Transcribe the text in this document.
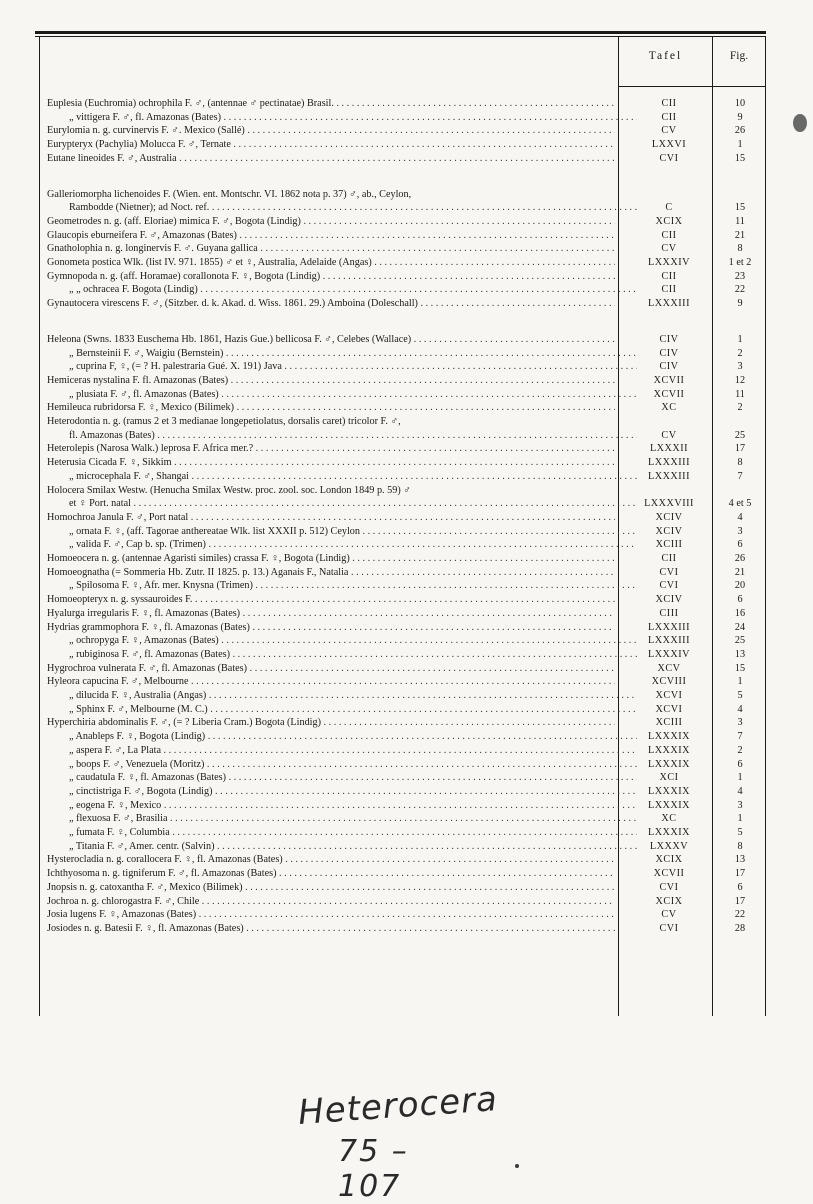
Tafel	Fig.
Euplesia (Euchromia) ochrophila F. ♂, (antennae ♂ pectinatae) Brasil. . . .	CII	10
„ vittigera F. ♂, fl. Amazonas (Bates) . . .	CII	9
Eurylomia n. g. curvinervis F. ♂. Mexico (Sallé) . . .	CV	26
Eurypteryx (Pachylia) Molucca F. ♂, Ternate . . .	LXXVI	1
Eutane lineoides F. ♂, Australia . . .	CVI	15
Galleriomorpha lichenoides F. (Wien. ent. Montschr. VI. 1862 nota p. 37) ♂, ab., Ceylon,
Rambodde (Nietner); ad Noct. ref. . . .	C	15
Geometrodes n. g. (aff. Eloriae) mimica F. ♂, Bogota (Lindig) . . .	XCIX	11
Glaucopis eburneifera F. ♂, Amazonas (Bates) . . .	CII	21
Gnatholophia n. g. longinervis F. ♂. Guyana gallica . . .	CV	8
Gonometa postica Wlk. (list IV. 971. 1855) ♂ et ♀, Australia, Adelaide (Angas) . . .	LXXXIV	1 et 2
Gymnopoda n. g. (aff. Horamae) corallonota F. ♀, Bogota (Lindig) . . .	CII	23
„ „ ochracea F. Bogota (Lindig) . . .	CII	22
Gynautocera virescens F. ♂, (Sitzber. d. k. Akad. d. Wiss. 1861. 29.) Amboina (Doleschall) . . .	LXXXIII	9
Heleona (Swns. 1833 Euschema Hb. 1861, Hazis Gue.) bellicosa F. ♂, Celebes (Wallace) . . .	CIV	1
„ Bernsteinii F. ♂, Waigiu (Bernstein) . . .	CIV	2
„ cuprina F, ♀, (= ? H. palestraria Gué. X. 191) Java . . .	CIV	3
Hemiceras nystalina F. fl. Amazonas (Bates) . . .	XCVII	12
„ plusiata F. ♂, fl. Amazonas (Bates) . . .	XCVII	11
Hemileuca rubridorsa F. ♀, Mexico (Bilimek) . . .	XC	2
Heterodontia n. g. (ramus 2 et 3 medianae longepetiolatus, dorsalis caret) tricolor F. ♂,
fl. Amazonas (Bates) . . .	CV	25
Heterolepis (Narosa Walk.) leprosa F. Africa mer.? . . .	LXXXII	17
Heterusia Cicada F. ♀, Sikkim . . .	LXXXIII	8
„ microcephala F. ♂, Shangai . . .	LXXXIII	7
Holocera Smilax Westw. (Henucha Smilax Westw. proc. zool. soc. London 1849 p. 59) ♂
et ♀ Port. natal . . .	LXXXVIII	4 et 5
Homochroa Janula F. ♂, Port natal . . .	XCIV	4
„ ornata F. ♀, (aff. Tagorae anthereatae Wlk. list XXXII p. 512) Ceylon . . .	XCIV	3
„ valida F. ♂, Cap b. sp. (Trimen) . . .	XCIII	6
Homoeocera n. g. (antennae Agaristi similes) crassa F. ♀, Bogota (Lindig) . . .	CII	26
Homoeognatha (= Sommeria Hb. Zutr. II 1825. p. 13.) Aganais F., Natalia . . .	CVI	21
„ Spilosoma F. ♀, Afr. mer. Knysna (Trimen) . . .	CVI	20
Homoeopteryx n. g. syssauroides F. . . .	XCIV	6
Hyalurga irregularis F. ♀, fl. Amazonas (Bates) . . .	CIII	16
Hydrias grammophora F. ♀, fl. Amazonas (Bates) . . .	LXXXIII	24
„ ochropyga F. ♀, Amazonas (Bates) . . .	LXXXIII	25
„ rubiginosa F. ♂, fl. Amazonas (Bates) . . .	LXXXIV	13
Hygrochroa vulnerata F. ♂, fl. Amazonas (Bates) . . .	XCV	15
Hyleora capucina F. ♂, Melbourne . . .	XCVIII	1
„ dilucida F. ♀, Australia (Angas) . . .	XCVI	5
„ Sphinx F. ♂, Melbourne (M. C.) . . .	XCVI	4
Hyperchiria abdominalis F. ♂, (= ? Liberia Cram.) Bogota (Lindig) . . .	XCIII	3
„ Anableps F. ♀, Bogota (Lindig) . . .	LXXXIX	7
„ aspera F. ♂, La Plata . . .	LXXXIX	2
„ boops F. ♂, Venezuela (Moritz) . . .	LXXXIX	6
„ caudatula F. ♀, fl. Amazonas (Bates) . . .	XCI	1
„ cinctistriga F. ♂, Bogota (Lindig) . . .	LXXXIX	4
„ eogena F. ♀, Mexico . . .	LXXXIX	3
„ flexuosa F. ♂, Brasilia . . .	XC	1
„ fumata F. ♀, Columbia . . .	LXXXIX	5
„ Titania F. ♂, Amer. centr. (Salvin) . . .	LXXXV	8
Hysterocladia n. g. corallocera F. ♀, fl. Amazonas (Bates) . . .	XCIX	13
Ichthyosoma n. g. tigniferum F. ♂, fl. Amazonas (Bates) . . .	XCVII	17
Jnopsis n. g. catoxantha F. ♂, Mexico (Bilimek) . . .	CVI	6
Jochroa n. g. chlorogastra F. ♂, Chile . . .	XCIX	17
Josia lugens F. ♀, Amazonas (Bates) . . .	CV	22
Josiodes n. g. Batesii F. ♀, fl. Amazonas (Bates) . . .	CVI	28
Heterocera
75 – 107
